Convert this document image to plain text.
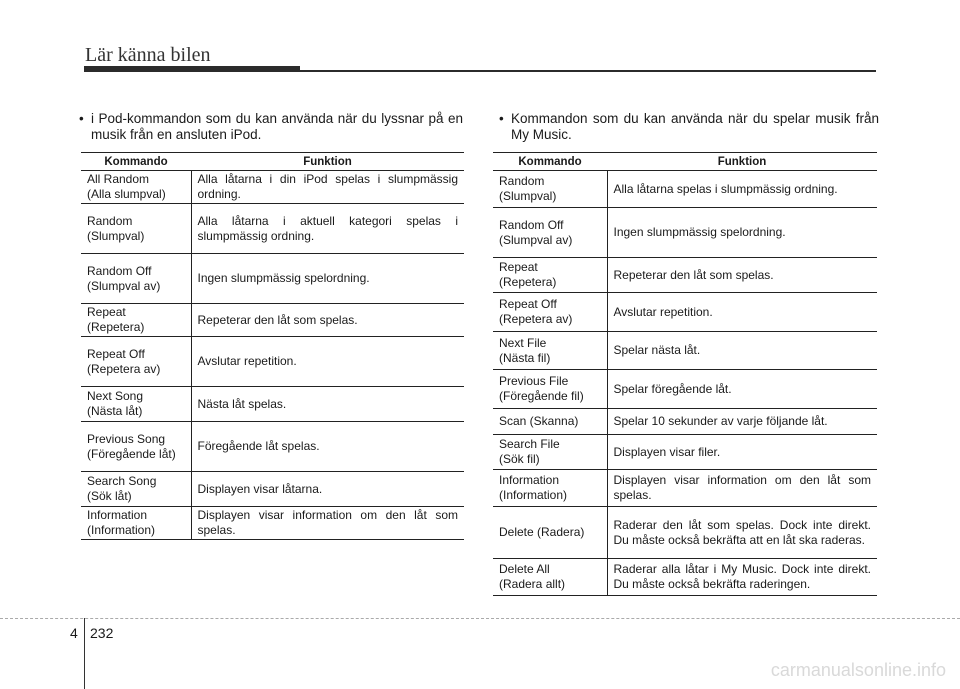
Lär känna bilen
• i Pod-kommandon som du kan använda när du lyssnar på en musik från en ansluten iPod.
• Kommandon som du kan använda när du spelar musik från My Music.
Kommando	Funktion
All Random
(Alla slumpval)	Alla låtarna i din iPod spelas i slumpmässig ordning.
Random
(Slumpval)	Alla låtarna i aktuell kategori spelas i slumpmässig ordning.
Random Off
(Slumpval av)	Ingen slumpmässig spelordning.
Repeat
(Repetera)	Repeterar den låt som spelas.
Repeat Off
(Repetera av)	Avslutar repetition.
Next Song
(Nästa låt)	Nästa låt spelas.
Previous Song
(Föregående låt)	Föregående låt spelas.
Search Song
(Sök låt)	Displayen visar låtarna.
Information
(Information)	Displayen visar information om den låt som spelas.
Kommando	Funktion
Random
(Slumpval)	Alla låtarna spelas i slumpmässig ordning.
Random Off
(Slumpval av)	Ingen slumpmässig spelordning.
Repeat
(Repetera)	Repeterar den låt som spelas.
Repeat Off
(Repetera av)	Avslutar repetition.
Next File
(Nästa fil)	Spelar nästa låt.
Previous File
(Föregående fil)	Spelar föregående låt.
Scan (Skanna)	Spelar 10 sekunder av varje följande låt.
Search File
(Sök fil)	Displayen visar filer.
Information
(Information)	Displayen visar information om den låt som spelas.
Delete (Radera)	Raderar den låt som spelas. Dock inte direkt. Du måste också bekräfta att en låt ska raderas.
Delete All
(Radera allt)	Raderar alla låtar i My Music. Dock inte direkt. Du måste också bekräfta raderingen.
4 232
carmanualsonline.info
